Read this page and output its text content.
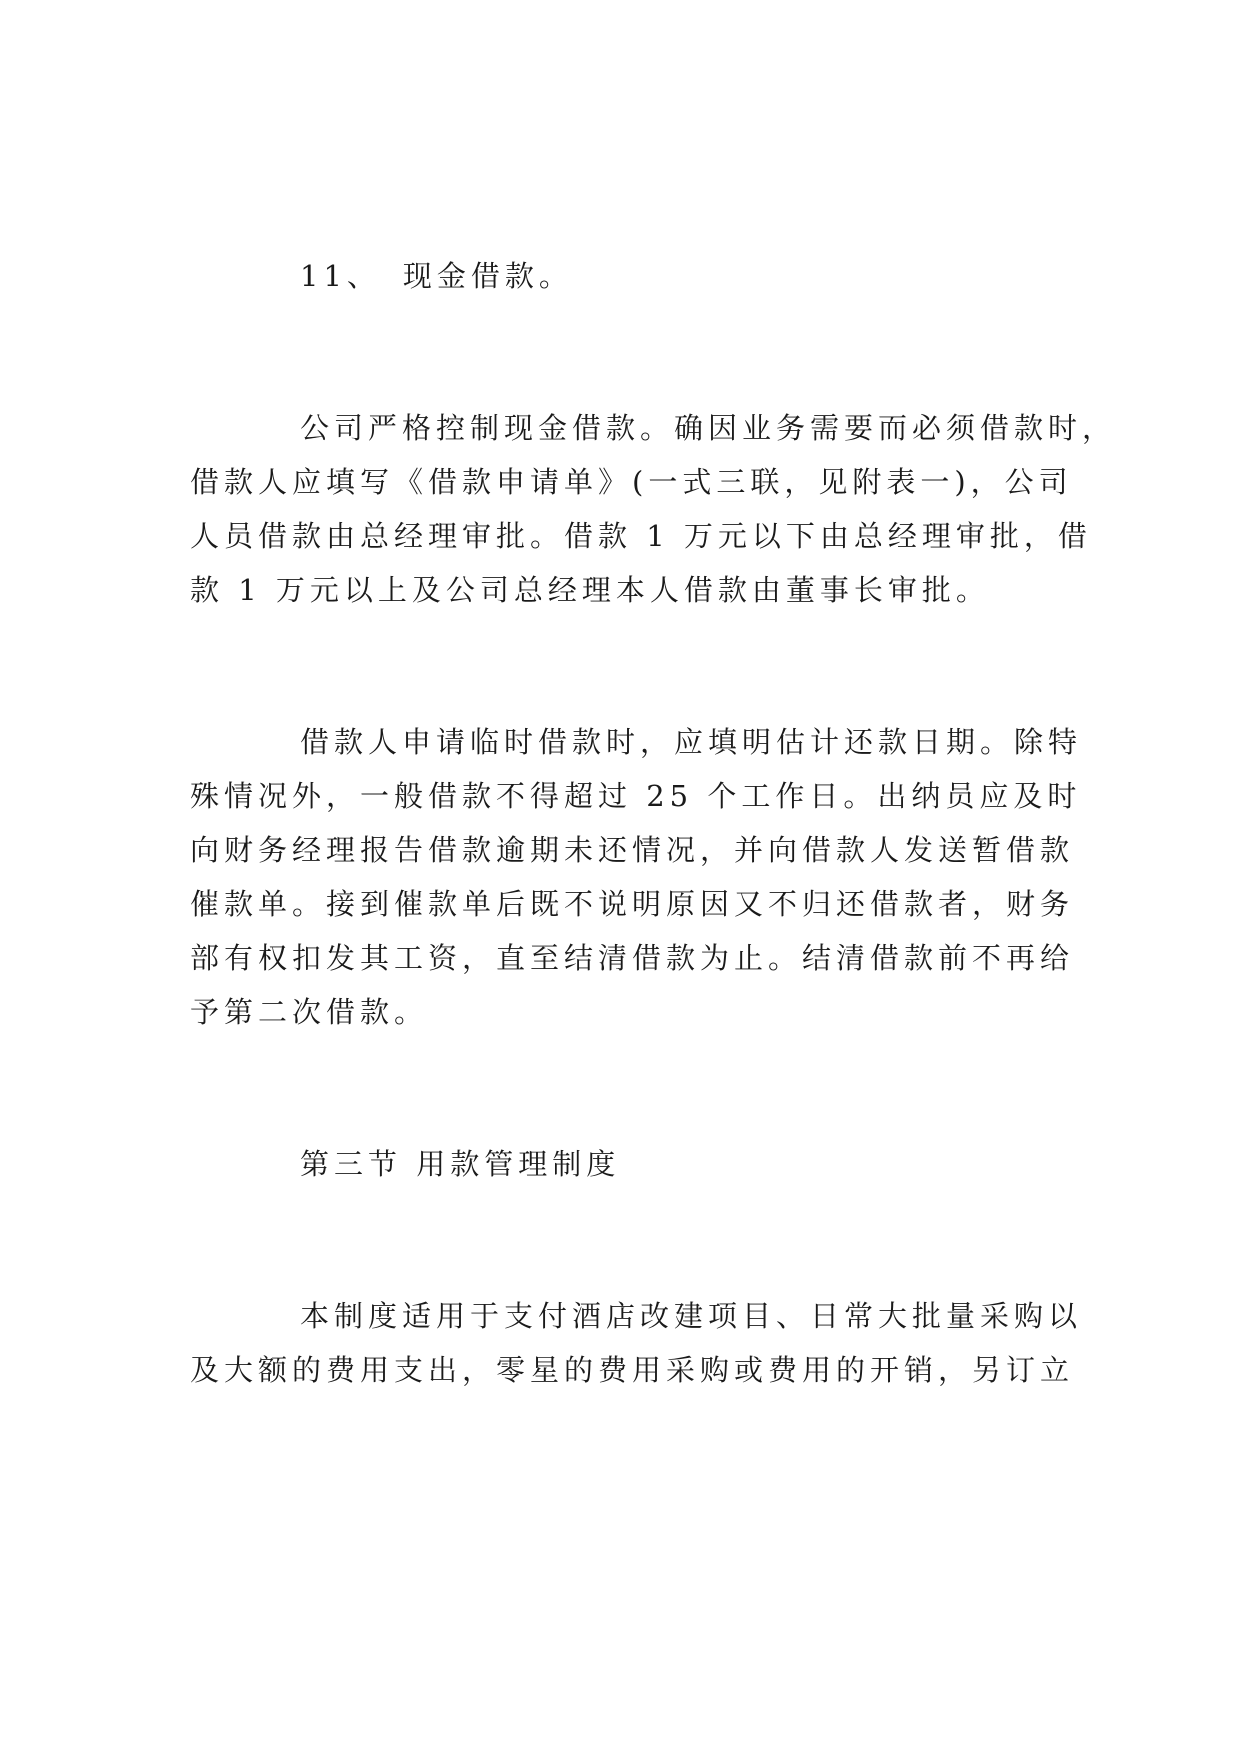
11、 现金借款。
公司严格控制现金借款。确因业务需要而必须借款时，
借款人应填写《借款申请单》(一式三联，见附表一)，公司
人员借款由总经理审批。借款 1 万元以下由总经理审批，借
款 1 万元以上及公司总经理本人借款由董事长审批。
借款人申请临时借款时，应填明估计还款日期。除特
殊情况外，一般借款不得超过 25 个工作日。出纳员应及时
向财务经理报告借款逾期未还情况，并向借款人发送暂借款
催款单。接到催款单后既不说明原因又不归还借款者，财务
部有权扣发其工资，直至结清借款为止。结清借款前不再给
予第二次借款。
第三节 用款管理制度
本制度适用于支付酒店改建项目、日常大批量采购以
及大额的费用支出，零星的费用采购或费用的开销，另订立
